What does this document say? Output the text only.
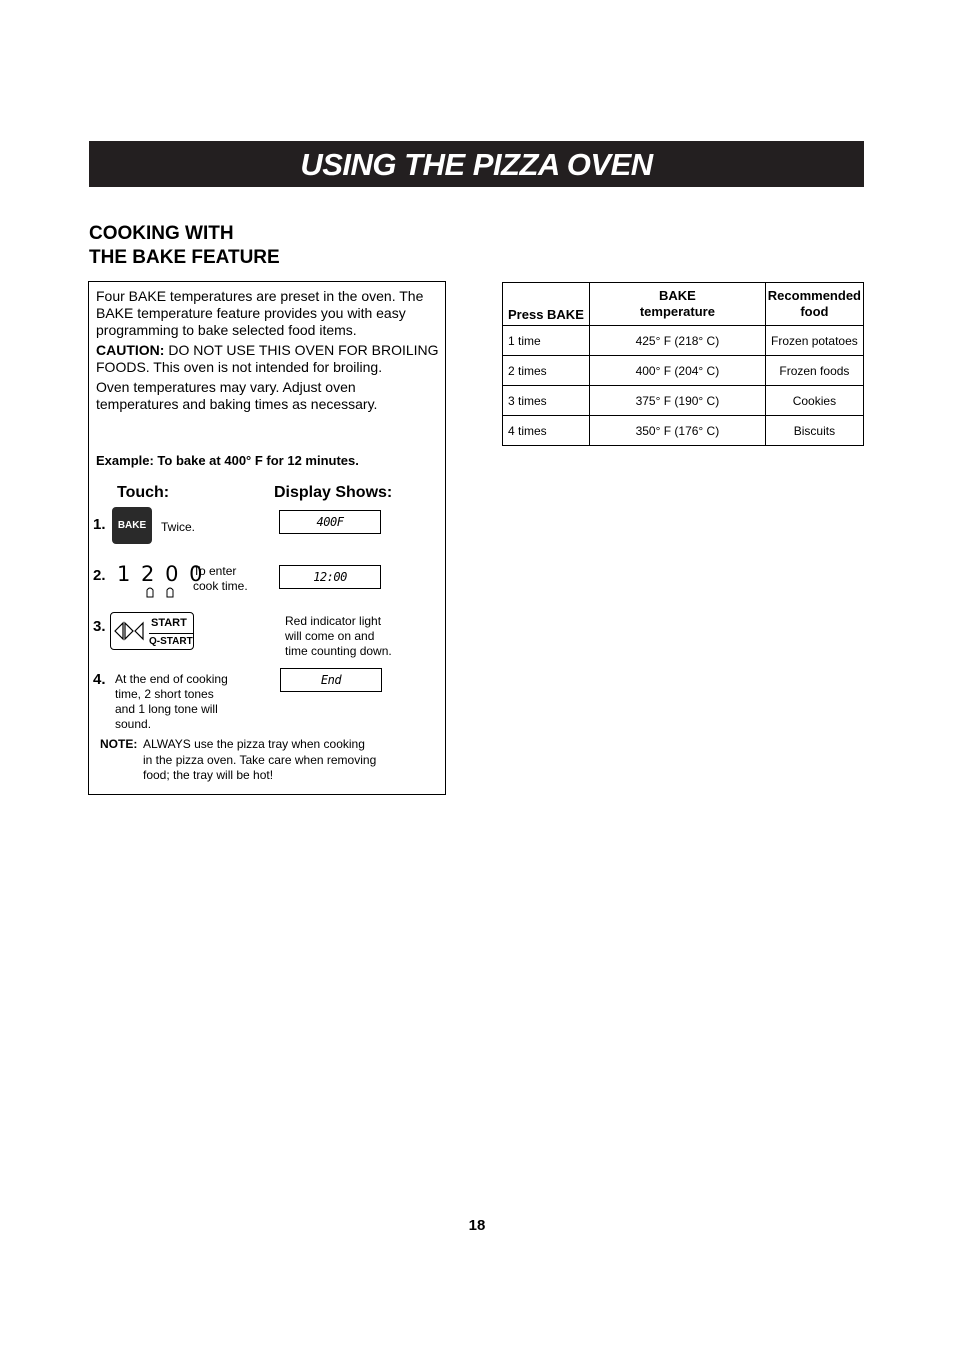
USING THE PIZZA OVEN
COOKING WITH
THE BAKE FEATURE

Four BAKE temperatures are preset in the oven. The BAKE temperature feature provides you with easy programming to bake selected food items.

CAUTION: DO NOT USE THIS OVEN FOR BROILING FOODS. This oven is not intended for broiling.

Oven temperatures may vary. Adjust oven temperatures and baking times as necessary.

Example: To bake at 400° F for 12 minutes.
Touch:	Display Shows:
1.	BAKE	Twice.	400F
2. 1 2 0 0
To enter
cook time.
12:00
3.	START
Q-START
Red indicator light
will come on and
time counting down.
4. At the end of cooking
time, 2 short tones
and 1 long tone will
sound.
End
NOTE: ALWAYS use the pizza tray when cooking
in the pizza oven. Take care when removing
food; the tray will be hot!
Press BAKE	BAKE temperature	Recommended food
1 time	425° F (218° C)	Frozen potatoes
2 times	400° F (204° C)	Frozen foods
3 times	375° F (190° C)	Cookies
4 times	350° F (176° C)	Biscuits
18
